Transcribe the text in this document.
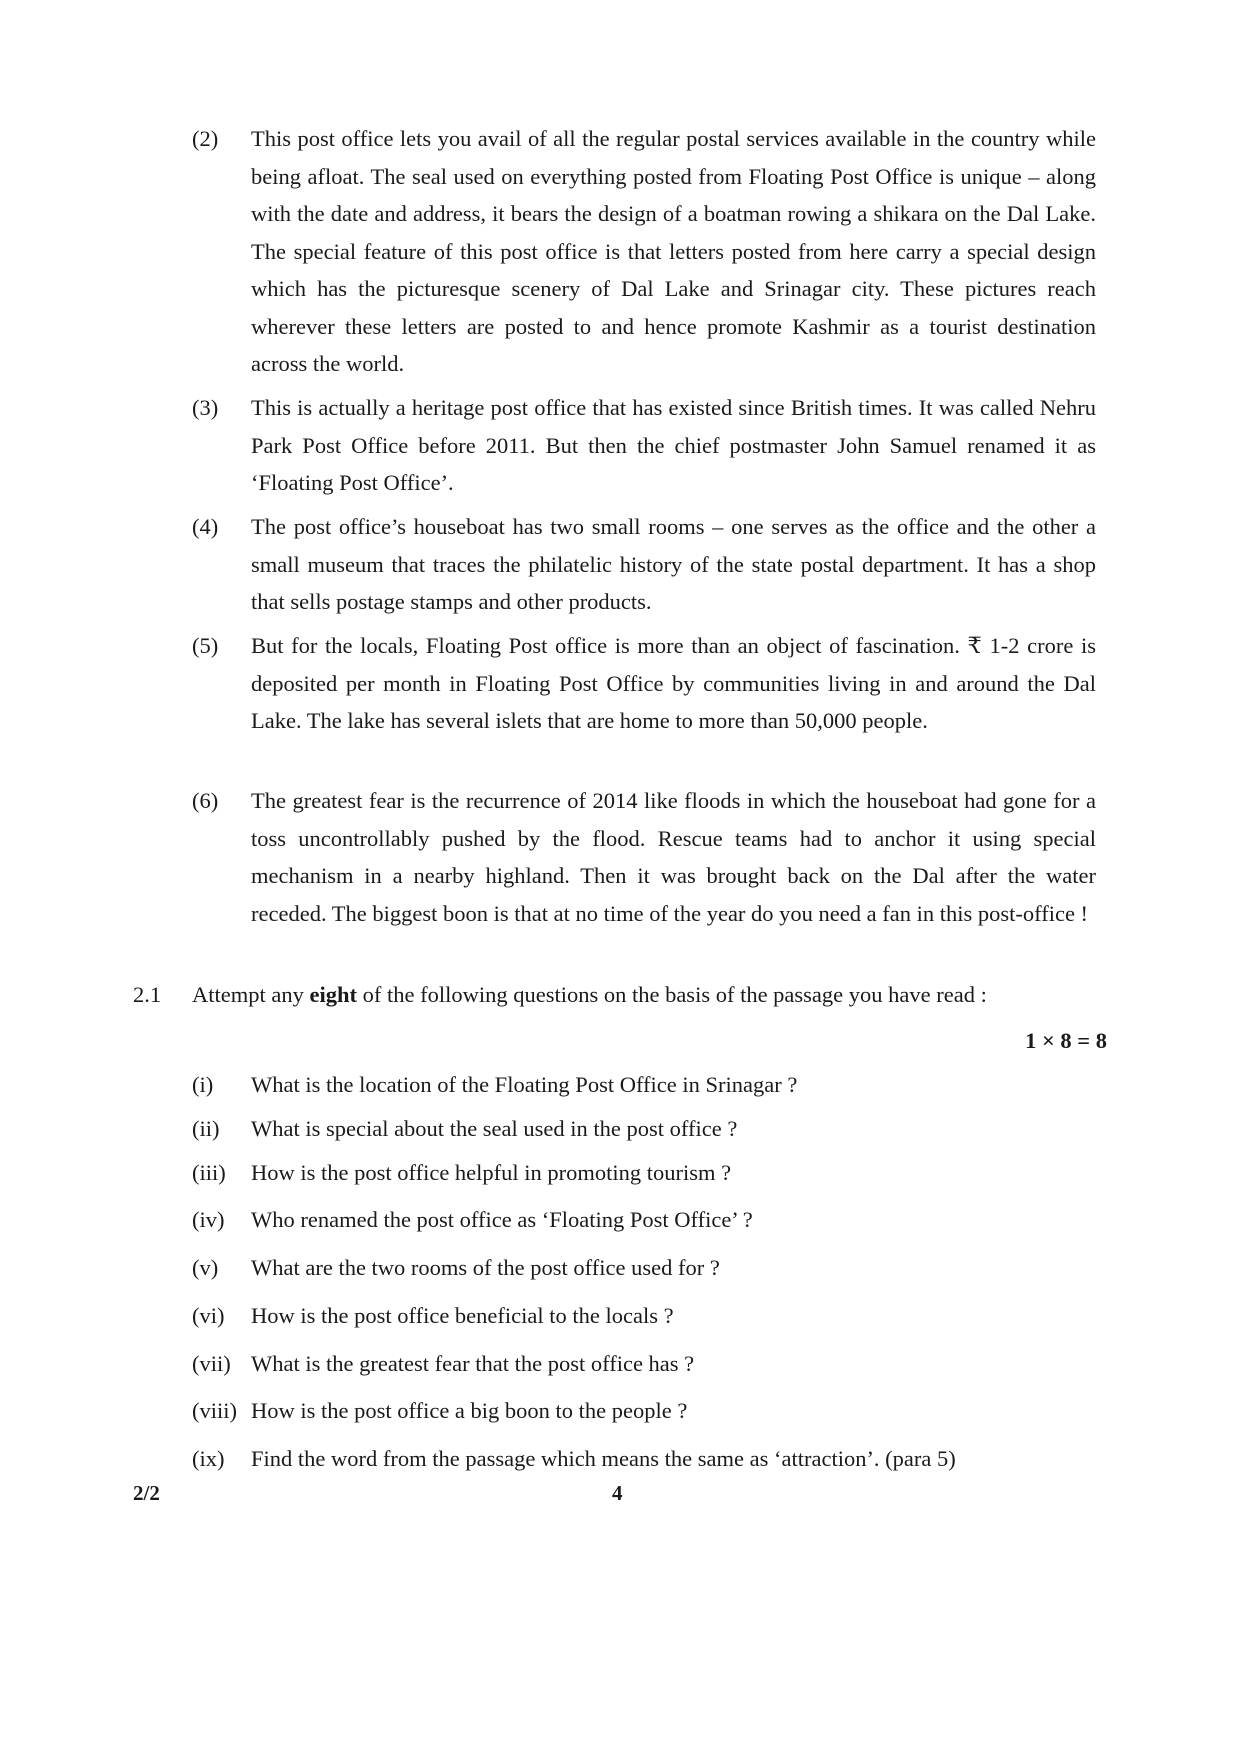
(2) This post office lets you avail of all the regular postal services available in the country while being afloat. The seal used on everything posted from Floating Post Office is unique – along with the date and address, it bears the design of a boatman rowing a shikara on the Dal Lake. The special feature of this post office is that letters posted from here carry a special design which has the picturesque scenery of Dal Lake and Srinagar city. These pictures reach wherever these letters are posted to and hence promote Kashmir as a tourist destination across the world.
(3) This is actually a heritage post office that has existed since British times. It was called Nehru Park Post Office before 2011. But then the chief postmaster John Samuel renamed it as ‘Floating Post Office’.
(4) The post office’s houseboat has two small rooms – one serves as the office and the other a small museum that traces the philatelic history of the state postal department. It has a shop that sells postage stamps and other products.
(5) But for the locals, Floating Post office is more than an object of fascination. ₹ 1-2 crore is deposited per month in Floating Post Office by communities living in and around the Dal Lake. The lake has several islets that are home to more than 50,000 people.
(6) The greatest fear is the recurrence of 2014 like floods in which the houseboat had gone for a toss uncontrollably pushed by the flood. Rescue teams had to anchor it using special mechanism in a nearby highland. Then it was brought back on the Dal after the water receded. The biggest boon is that at no time of the year do you need a fan in this post-office !
2.1 Attempt any eight of the following questions on the basis of the passage you have read :
1 × 8 = 8
(i) What is the location of the Floating Post Office in Srinagar ?
(ii) What is special about the seal used in the post office ?
(iii) How is the post office helpful in promoting tourism ?
(iv) Who renamed the post office as ‘Floating Post Office’ ?
(v) What are the two rooms of the post office used for ?
(vi) How is the post office beneficial to the locals ?
(vii) What is the greatest fear that the post office has ?
(viii) How is the post office a big boon to the people ?
(ix) Find the word from the passage which means the same as ‘attraction’. (para 5)
2/2	4
